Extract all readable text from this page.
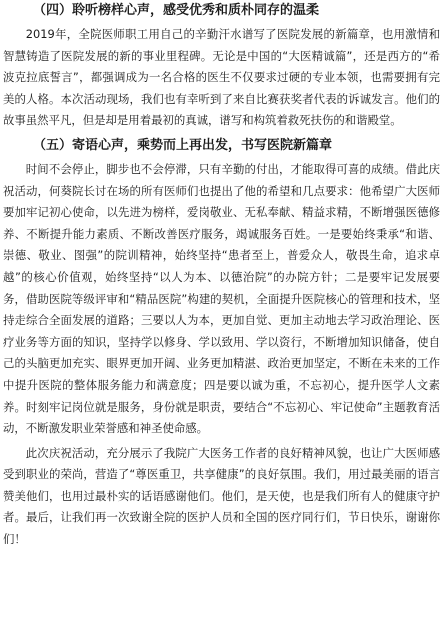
（四）聆听榜样心声，感受优秀和质朴同存的温柔

2019年，全院医师职工用自己的辛勤汗水谱写了医院发展的新篇章，也用激情和智慧铸造了医院发展的新的事业里程碑。无论是中国的“大医精诚篇”，还是西方的“希波克拉底誓言”，都强调成为一名合格的医生不仅要求过硬的专业本领，也需要拥有完美的人格。本次活动现场，我们也有幸听到了来自比赛获奖者代表的诉诚发言。他们的故事虽然平凡，但是却是用着最初的真诚，谱写和构筑着救死扶伤的和谐殿堂。

（五）寄语心声，乘势而上再出发，书写医院新篇章

时间不会停止，脚步也不会停滞，只有辛勤的付出，才能取得可喜的成绩。借此庆祝活动，何葵院长讨在场的所有医师们也提出了他的希望和几点要求：他希望广大医师要加牢记初心使命，以先进为榜样，爱岗敬业、无私奉献、精益求精，不断增强医德修养、不断提升能力素质、不断改善医疗服务，竭诚服务百姓。一是要始终秉承“和谐、崇德、敬业、图强”的院训精神，始终坚持“患者至上，普爱众人，敬畏生命，追求卓越”的核心价值观，始终坚持“以人为本、以德治院”的办院方针；二是要牢记发展要务，借助医院等级评审和“精品医院”构建的契机，全面提升医院核心的管理和技术，坚持走综合全面发展的道路；三要以人为本，更加自觉、更加主动地去学习政治理论、医疗业务等方面的知识，坚持学以修身、学以致用、学以资行，不断增加知识储备，使自己的头脑更加充实、眼界更加开阔、业务更加精湛、政治更加坚定，不断在未来的工作中提升医院的整体服务能力和满意度；四是要以诚为重，不忘初心，提升医学人文素养。时刻牢记岗位就是服务，身份就是职责，要结合“不忘初心、牢记使命”主题教育活动，不断激发职业荣誉感和神圣使命感。

此次庆祝活动，充分展示了我院广大医务工作者的良好精神风貌，也让广大医师感受到职业的荣尚，营造了“尊医重卫，共享健康”的良好氛围。我们，用过最美丽的语言赞美他们，也用过最朴实的话语感谢他们。他们，是天使，也是我们所有人的健康守护者。最后，让我们再一次致谢全院的医护人员和全国的医疗同行们，节日快乐，谢谢你们！
